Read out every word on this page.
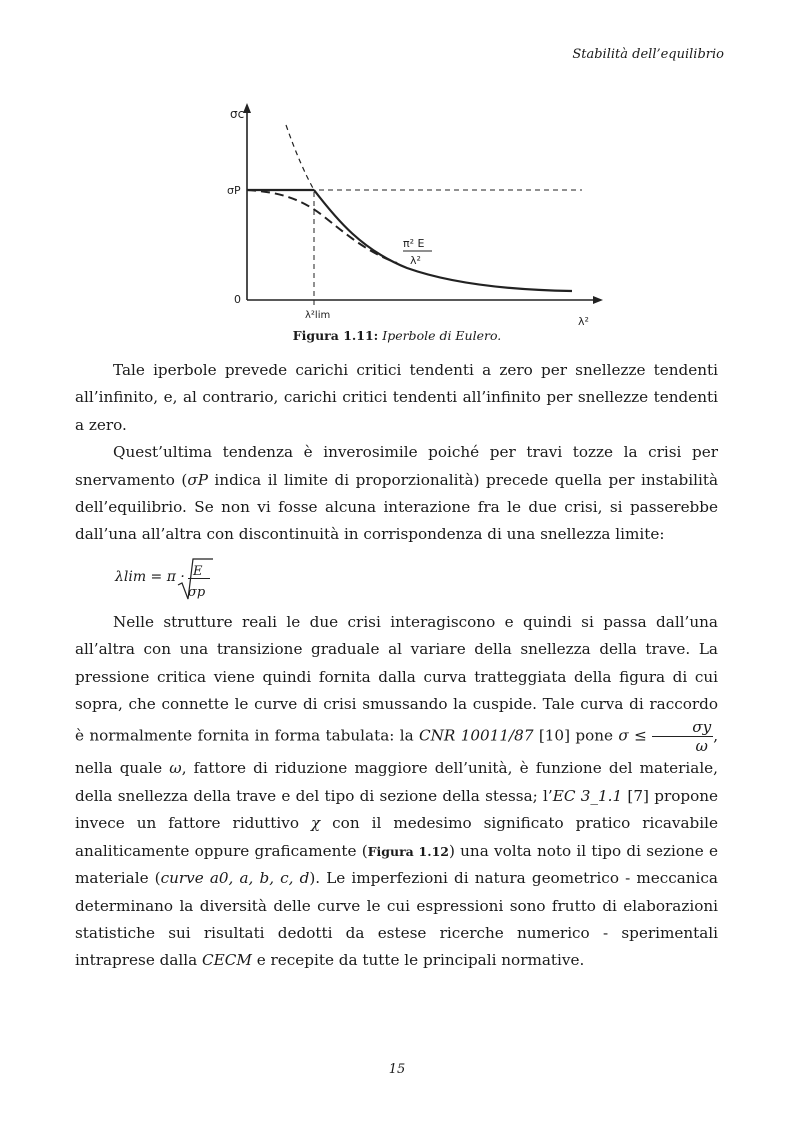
Stabilità dell’equilibrio
σc
σP
0
λ²lim	λ²
π² E
λ²
Figura 1.11: Iperbole di Eulero.

Tale iperbole prevede carichi critici tendenti a zero per snellezze tendenti all’infinito, e, al contrario, carichi critici tendenti all’infinito per snellezze tendenti a zero.

Quest’ultima tendenza è inverosimile poiché per travi tozze la crisi per snervamento (σP indica il limite di proporzionalità) precede quella per instabilità dell’equilibrio. Se non vi fosse alcuna interazione fra le due crisi, si passerebbe dall’una all’altra con discontinuità in corrispondenza di una snellezza limite:

λlim = π · E
σp

Nelle strutture reali le due crisi interagiscono e quindi si passa dall’una all’altra con una transizione graduale al variare della snellezza della trave. La pressione critica viene quindi fornita dalla curva tratteggiata della figura di cui sopra, che connette le curve di crisi smussando la cuspide. Tale curva di raccordo è normalmente fornita in forma tabulata: la CNR 10011/87 [10] pone $\sigma \le \frac{\sigma y}{\omega}$ , nella quale ω, fattore di riduzione maggiore dell’unità, è funzione del materiale, della snellezza della trave e del tipo di sezione della stessa; l’EC 3_1.1 [7] propone invece un fattore riduttivo χ con il medesimo significato pratico ricavabile analiticamente oppure graficamente (Figura 1.12) una volta noto il tipo di sezione e materiale (curve a0, a, b, c, d). Le imperfezioni di natura geometrico - meccanica determinano la diversità delle curve le cui espressioni sono frutto di elaborazioni statistiche sui risultati dedotti da estese ricerche numerico - sperimentali intraprese dalla CECM e recepite da tutte le principali normative.

15
